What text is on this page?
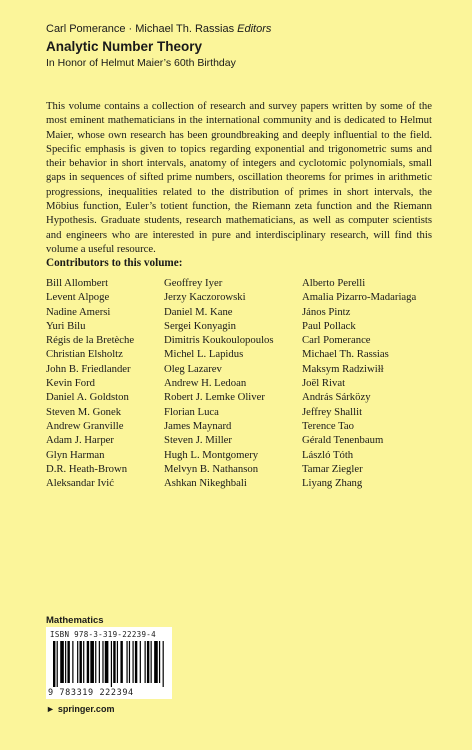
Carl Pomerance · Michael Th. Rassias Editors
Analytic Number Theory
In Honor of Helmut Maier’s 60th Birthday

This volume contains a collection of research and survey papers written by some of the most eminent mathematicians in the international community and is dedicated to Helmut Maier, whose own research has been groundbreaking and deeply influential to the field. Specific emphasis is given to topics regarding exponential and trigonometric sums and their behavior in short intervals, anatomy of integers and cyclotomic polynomials, small gaps in sequences of sifted prime numbers, oscillation theorems for primes in arithmetic progressions, inequalities related to the distribution of primes in short intervals, the Möbius function, Euler’s totient function, the Riemann zeta function and the Riemann Hypothesis. Graduate students, research mathematicians, as well as computer scientists and engineers who are interested in pure and interdisciplinary research, will find this volume a useful resource.

Contributors to this volume:
Bill Allombert
Levent Alpoge
Nadine Amersi
Yuri Bilu
Régis de la Bretèche
Christian Elsholtz
John B. Friedlander
Kevin Ford
Daniel A. Goldston
Steven M. Gonek
Andrew Granville
Adam J. Harper
Glyn Harman
D.R. Heath-Brown
Aleksandar Ivić
Geoffrey Iyer
Jerzy Kaczorowski
Daniel M. Kane
Sergei Konyagin
Dimitris Koukoulopoulos
Michel L. Lapidus
Oleg Lazarev
Andrew H. Ledoan
Robert J. Lemke Oliver
Florian Luca
James Maynard
Steven J. Miller
Hugh L. Montgomery
Melvyn B. Nathanson
Ashkan Nikeghbali
Alberto Perelli
Amalia Pizarro-Madariaga
János Pintz
Paul Pollack
Carl Pomerance
Michael Th. Rassias
Maksym Radziwiłł
Joël Rivat
András Sárközy
Jeffrey Shallit
Terence Tao
Gérald Tenenbaum
László Tóth
Tamar Ziegler
Liyang Zhang
Mathematics
ISBN 978-3-319-22239-4
9 783319 222394
► springer.com
